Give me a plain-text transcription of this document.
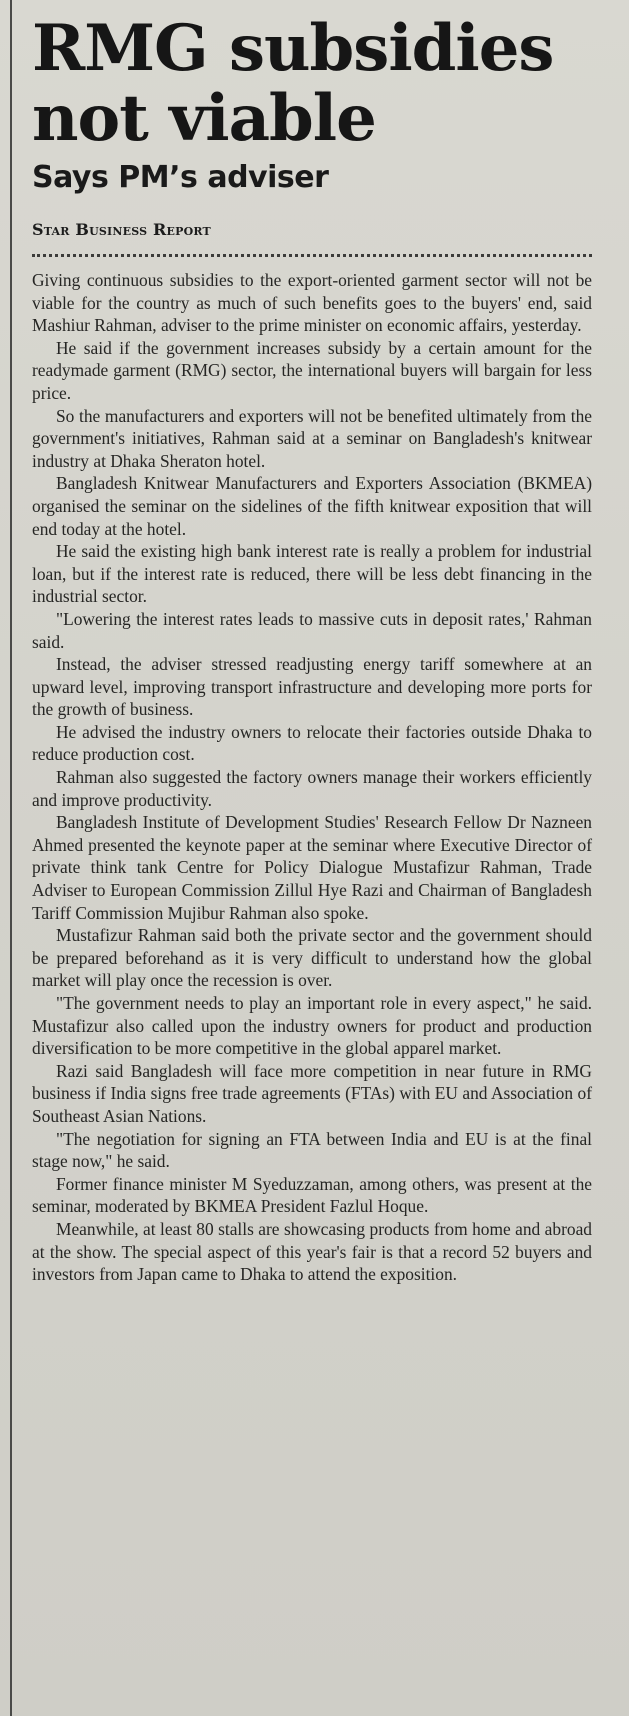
RMG subsidies
not viable
Says PM’s adviser
Star Business Report

Giving continuous subsidies to the export-oriented garment sector will not be viable for the country as much of such benefits goes to the buyers' end, said Mashiur Rahman, adviser to the prime minister on economic affairs, yesterday.

He said if the government increases subsidy by a certain amount for the readymade garment (RMG) sector, the international buyers will bargain for less price.

So the manufacturers and exporters will not be benefited ultimately from the government's initiatives, Rahman said at a seminar on Bangladesh's knitwear industry at Dhaka Sheraton hotel.

Bangladesh Knitwear Manufacturers and Exporters Association (BKMEA) organised the seminar on the sidelines of the fifth knitwear exposition that will end today at the hotel.

He said the existing high bank interest rate is really a problem for industrial loan, but if the interest rate is reduced, there will be less debt financing in the industrial sector.

"Lowering the interest rates leads to massive cuts in deposit rates,' Rahman said.

Instead, the adviser stressed readjusting energy tariff somewhere at an upward level, improving transport infrastructure and developing more ports for the growth of business.

He advised the industry owners to relocate their factories outside Dhaka to reduce production cost.

Rahman also suggested the factory owners manage their workers efficiently and improve productivity.

Bangladesh Institute of Development Studies' Research Fellow Dr Nazneen Ahmed presented the keynote paper at the seminar where Executive Director of private think tank Centre for Policy Dialogue Mustafizur Rahman, Trade Adviser to European Commission Zillul Hye Razi and Chairman of Bangladesh Tariff Commission Mujibur Rahman also spoke.

Mustafizur Rahman said both the private sector and the government should be prepared beforehand as it is very difficult to understand how the global market will play once the recession is over.

"The government needs to play an important role in every aspect," he said. Mustafizur also called upon the industry owners for product and production diversification to be more competitive in the global apparel market.

Razi said Bangladesh will face more competition in near future in RMG business if India signs free trade agreements (FTAs) with EU and Association of Southeast Asian Nations.

"The negotiation for signing an FTA between India and EU is at the final stage now," he said.

Former finance minister M Syeduzzaman, among others, was present at the seminar, moderated by BKMEA President Fazlul Hoque.

Meanwhile, at least 80 stalls are showcasing products from home and abroad at the show. The special aspect of this year's fair is that a record 52 buyers and investors from Japan came to Dhaka to attend the exposition.
